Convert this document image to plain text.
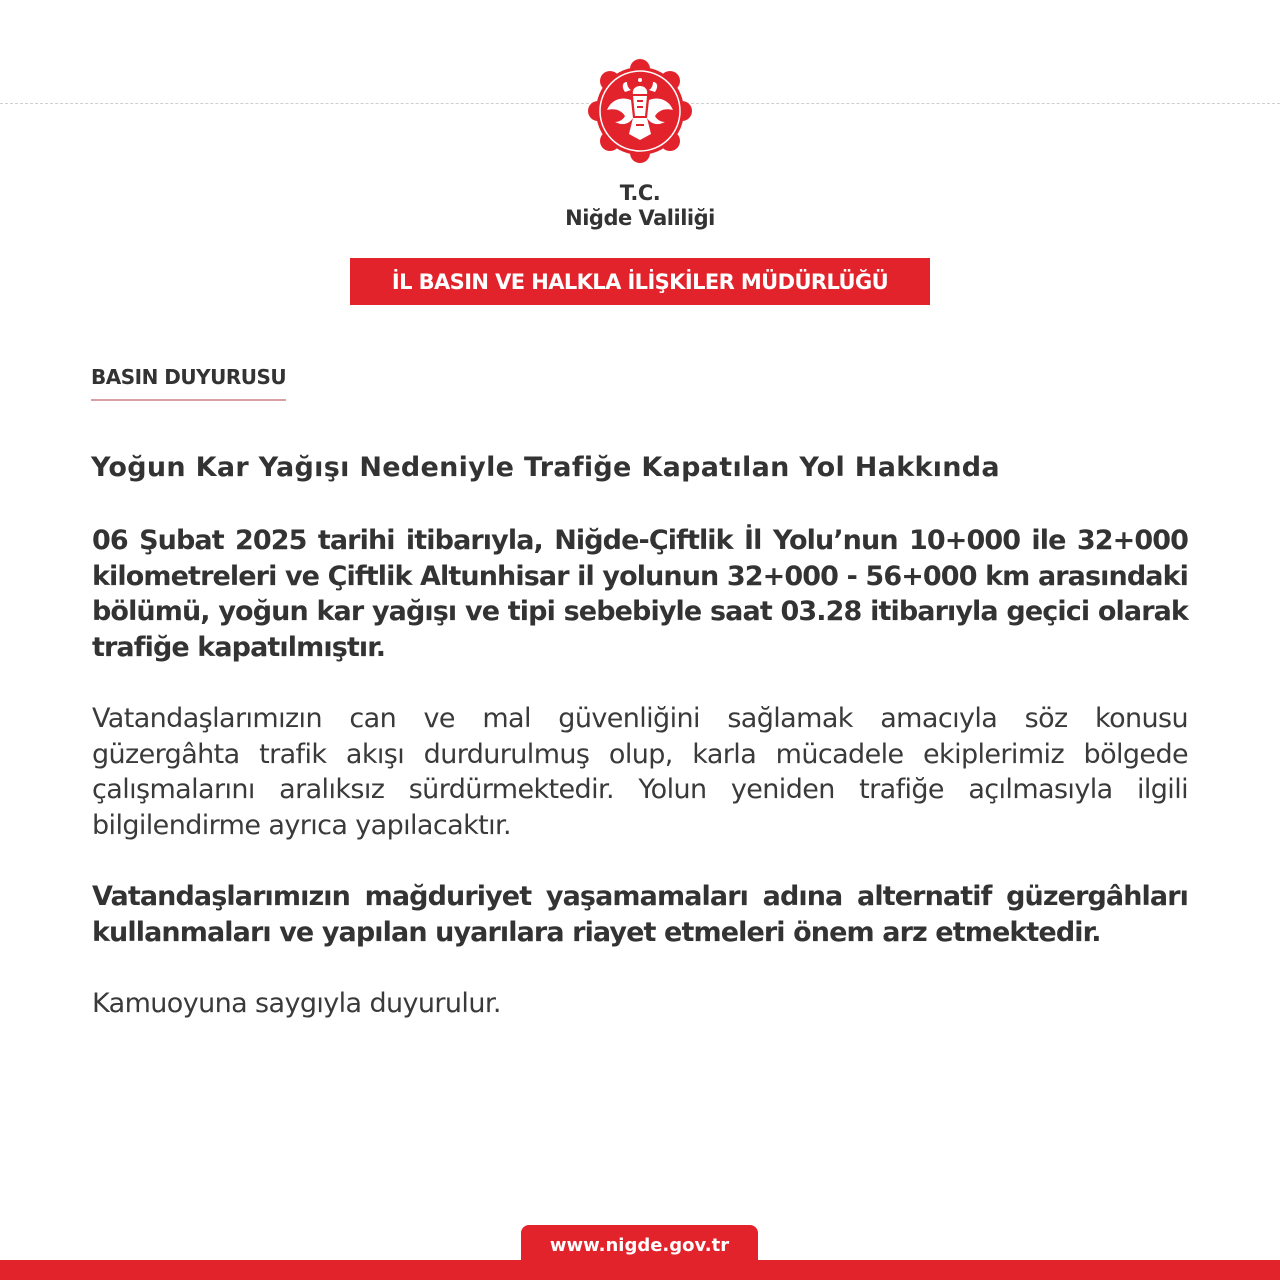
T.C.
Niğde Valiliği
İL BASIN VE HALKLA İLİŞKİLER MÜDÜRLÜĞÜ
BASIN DUYURUSU
Yoğun Kar Yağışı Nedeniyle Trafiğe Kapatılan Yol Hakkında
06 Şubat 2025 tarihi itibarıyla, Niğde-Çiftlik İl Yolu’nun 10+000 ile 32+000 kilometreleri ve Çiftlik Altunhisar il yolunun 32+000 - 56+000 km arasındaki bölümü, yoğun kar yağışı ve tipi sebebiyle saat 03.28 itibarıyla geçici olarak trafiğe kapatılmıştır.
Vatandaşlarımızın can ve mal güvenliğini sağlamak amacıyla söz konusu güzergâhta trafik akışı durdurulmuş olup, karla mücadele ekiplerimiz bölgede çalışmalarını aralıksız sürdürmektedir. Yolun yeniden trafiğe açılmasıyla ilgili bilgilendirme ayrıca yapılacaktır.
Vatandaşlarımızın mağduriyet yaşamamaları adına alternatif güzergâhları kullanmaları ve yapılan uyarılara riayet etmeleri önem arz etmektedir.
Kamuoyuna saygıyla duyurulur.
www.nigde.gov.tr
